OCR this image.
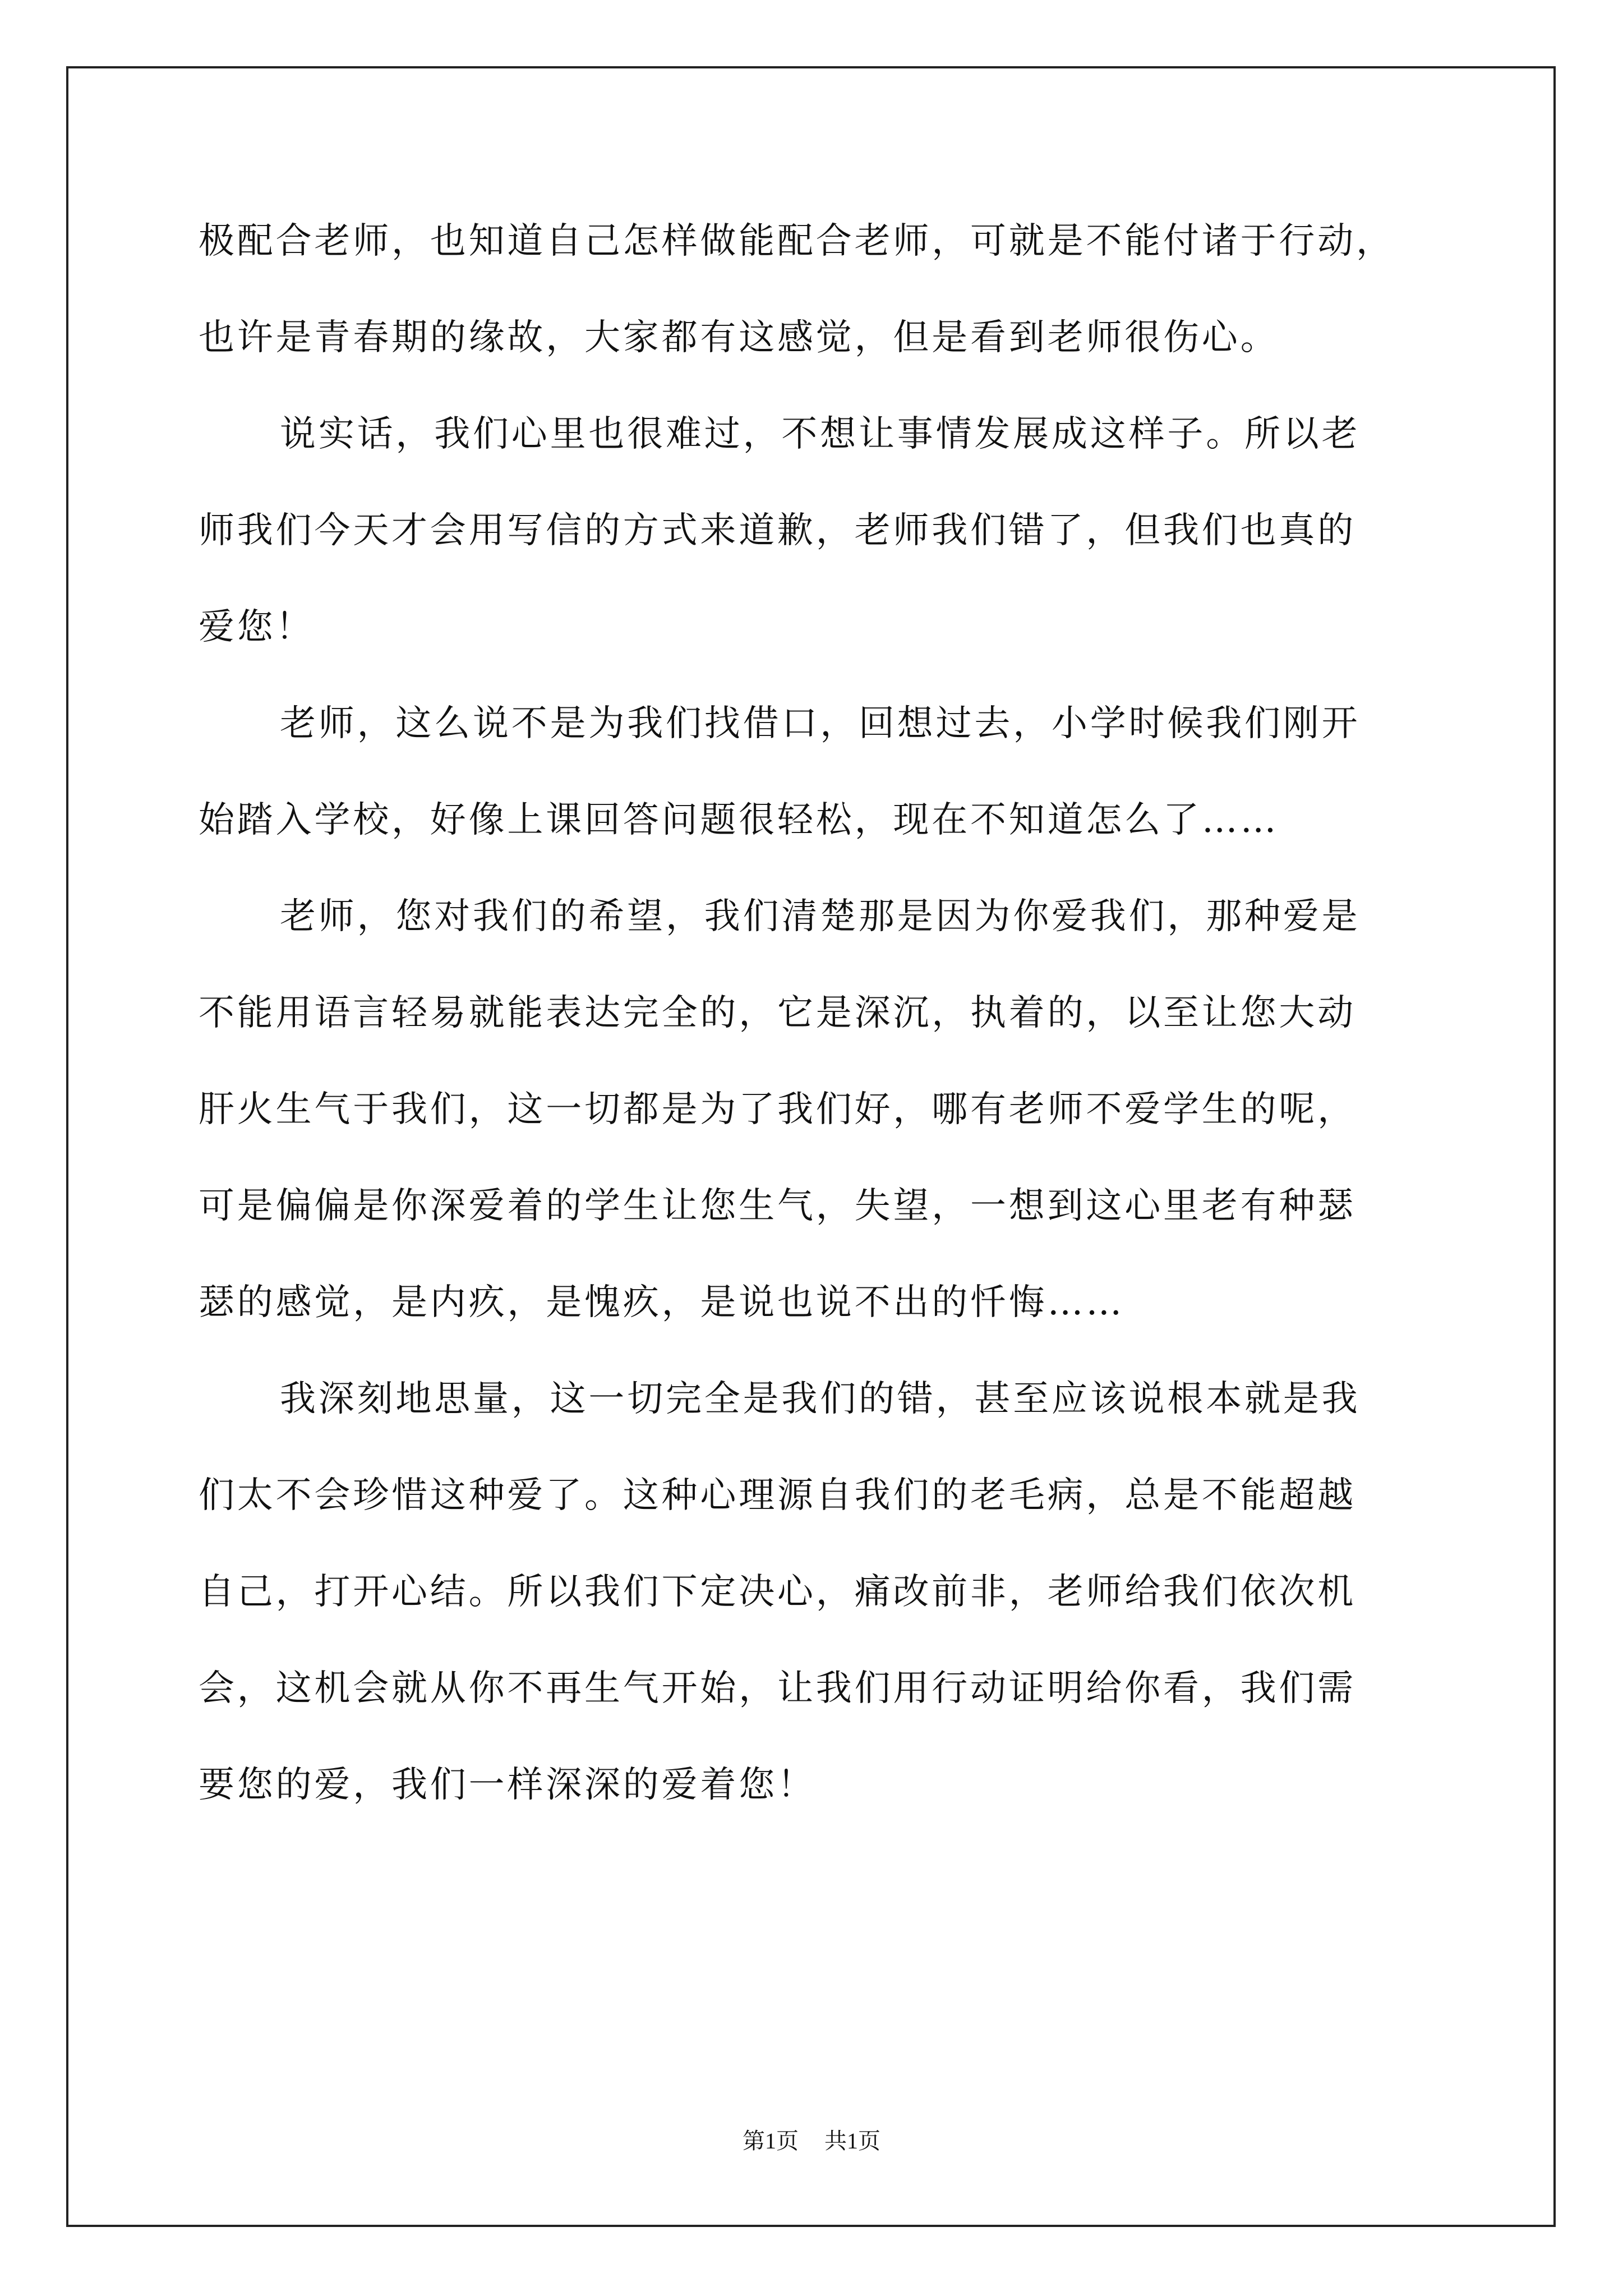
极配合老师，也知道自己怎样做能配合老师，可就是不能付诸于行动，
也许是青春期的缘故，大家都有这感觉，但是看到老师很伤心。
说实话，我们心里也很难过，不想让事情发展成这样子。所以老
师我们今天才会用写信的方式来道歉，老师我们错了，但我们也真的
爱您！
老师，这么说不是为我们找借口，回想过去，小学时候我们刚开
始踏入学校，好像上课回答问题很轻松，现在不知道怎么了……
老师，您对我们的希望，我们清楚那是因为你爱我们，那种爱是
不能用语言轻易就能表达完全的，它是深沉，执着的，以至让您大动
肝火生气于我们，这一切都是为了我们好，哪有老师不爱学生的呢，
可是偏偏是你深爱着的学生让您生气，失望，一想到这心里老有种瑟
瑟的感觉，是内疚，是愧疚，是说也说不出的忏悔……
我深刻地思量，这一切完全是我们的错，甚至应该说根本就是我
们太不会珍惜这种爱了。这种心理源自我们的老毛病，总是不能超越
自己，打开心结。所以我们下定决心，痛改前非，老师给我们依次机
会，这机会就从你不再生气开始，让我们用行动证明给你看，我们需
要您的爱，我们一样深深的爱着您！
第1页 共1页
